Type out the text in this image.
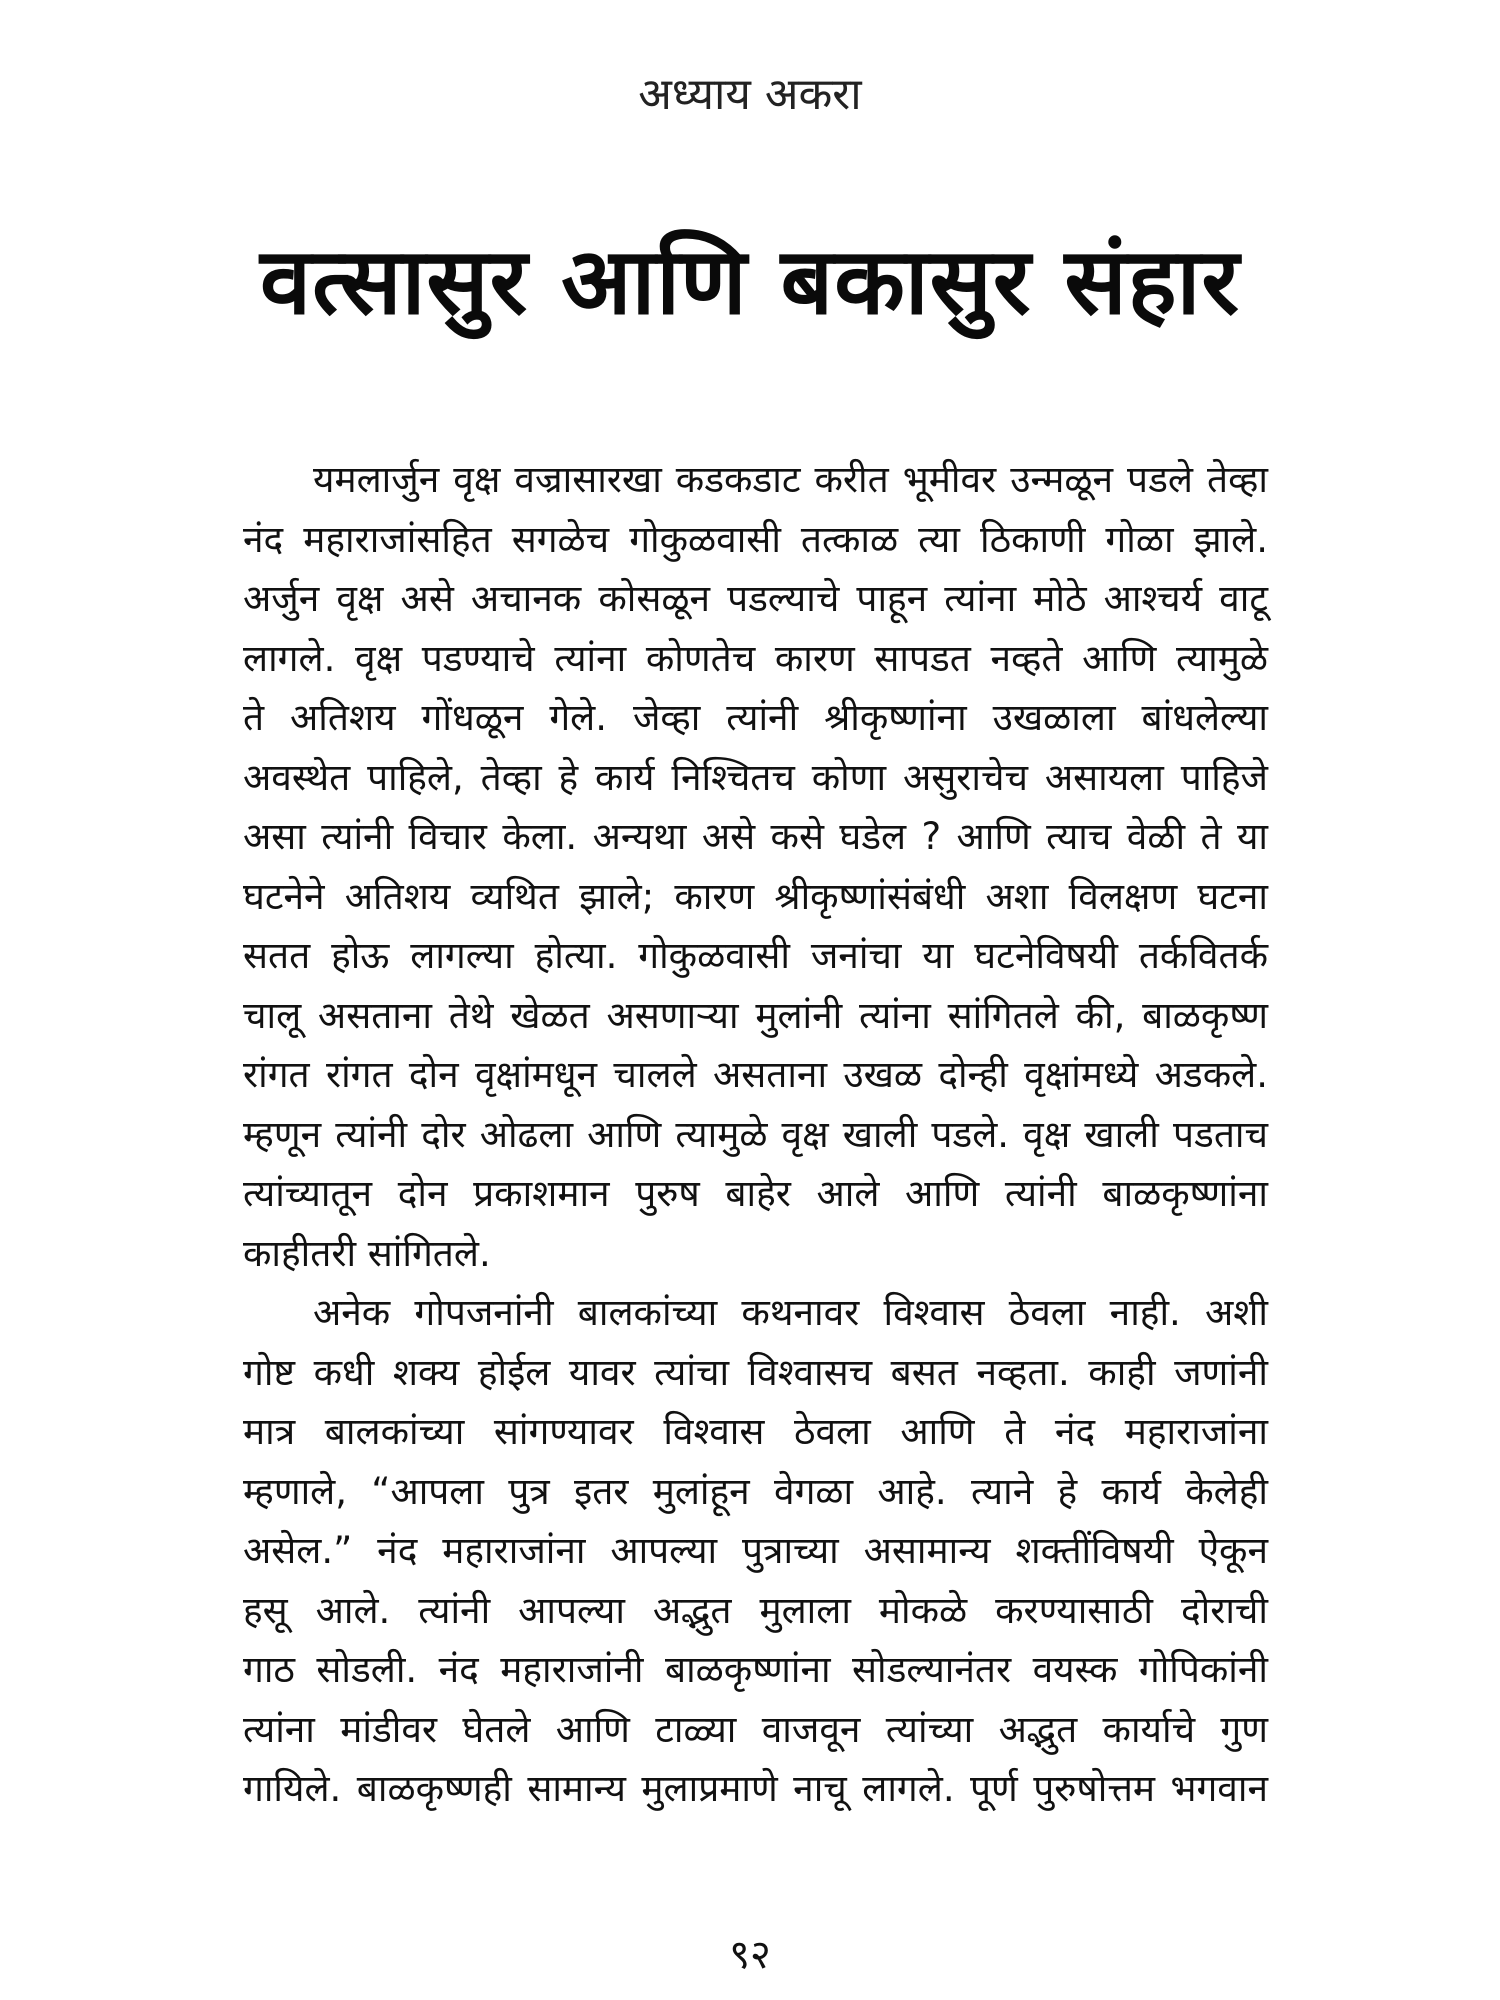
अध्याय अकरा
वत्सासुर आणि बकासुर संहार
यमलार्जुन वृक्ष वज्रासारखा कडकडाट करीत भूमीवर उन्मळून पडले तेव्हा
नंद महाराजांसहित सगळेच गोकुळवासी तत्काळ त्या ठिकाणी गोळा झाले.
अर्जुन वृक्ष असे अचानक कोसळून पडल्याचे पाहून त्यांना मोठे आश्चर्य वाटू
लागले. वृक्ष पडण्याचे त्यांना कोणतेच कारण सापडत नव्हते आणि त्यामुळे
ते अतिशय गोंधळून गेले. जेव्हा त्यांनी श्रीकृष्णांना उखळाला बांधलेल्या
अवस्थेत पाहिले, तेव्हा हे कार्य निश्चितच कोणा असुराचेच असायला पाहिजे
असा त्यांनी विचार केला. अन्यथा असे कसे घडेल ? आणि त्याच वेळी ते या
घटनेने अतिशय व्यथित झाले; कारण श्रीकृष्णांसंबंधी अशा विलक्षण घटना
सतत होऊ लागल्या होत्या. गोकुळवासी जनांचा या घटनेविषयी तर्कवितर्क
चालू असताना तेथे खेळत असणाऱ्या मुलांनी त्यांना सांगितले की, बाळकृष्ण
रांगत रांगत दोन वृक्षांमधून चालले असताना उखळ दोन्ही वृक्षांमध्ये अडकले.
म्हणून त्यांनी दोर ओढला आणि त्यामुळे वृक्ष खाली पडले. वृक्ष खाली पडताच
त्यांच्यातून दोन प्रकाशमान पुरुष बाहेर आले आणि त्यांनी बाळकृष्णांना
काहीतरी सांगितले.
अनेक गोपजनांनी बालकांच्या कथनावर विश्वास ठेवला नाही. अशी
गोष्ट कधी शक्य होईल यावर त्यांचा विश्वासच बसत नव्हता. काही जणांनी
मात्र बालकांच्या सांगण्यावर विश्वास ठेवला आणि ते नंद महाराजांना
म्हणाले, “आपला पुत्र इतर मुलांहून वेगळा आहे. त्याने हे कार्य केलेही
असेल.” नंद महाराजांना आपल्या पुत्राच्या असामान्य शक्तींविषयी ऐकून
हसू आले. त्यांनी आपल्या अद्भुत मुलाला मोकळे करण्यासाठी दोराची
गाठ सोडली. नंद महाराजांनी बाळकृष्णांना सोडल्यानंतर वयस्क गोपिकांनी
त्यांना मांडीवर घेतले आणि टाळ्या वाजवून त्यांच्या अद्भुत कार्याचे गुण
गायिले. बाळकृष्णही सामान्य मुलाप्रमाणे नाचू लागले. पूर्ण पुरुषोत्तम भगवान
९२
